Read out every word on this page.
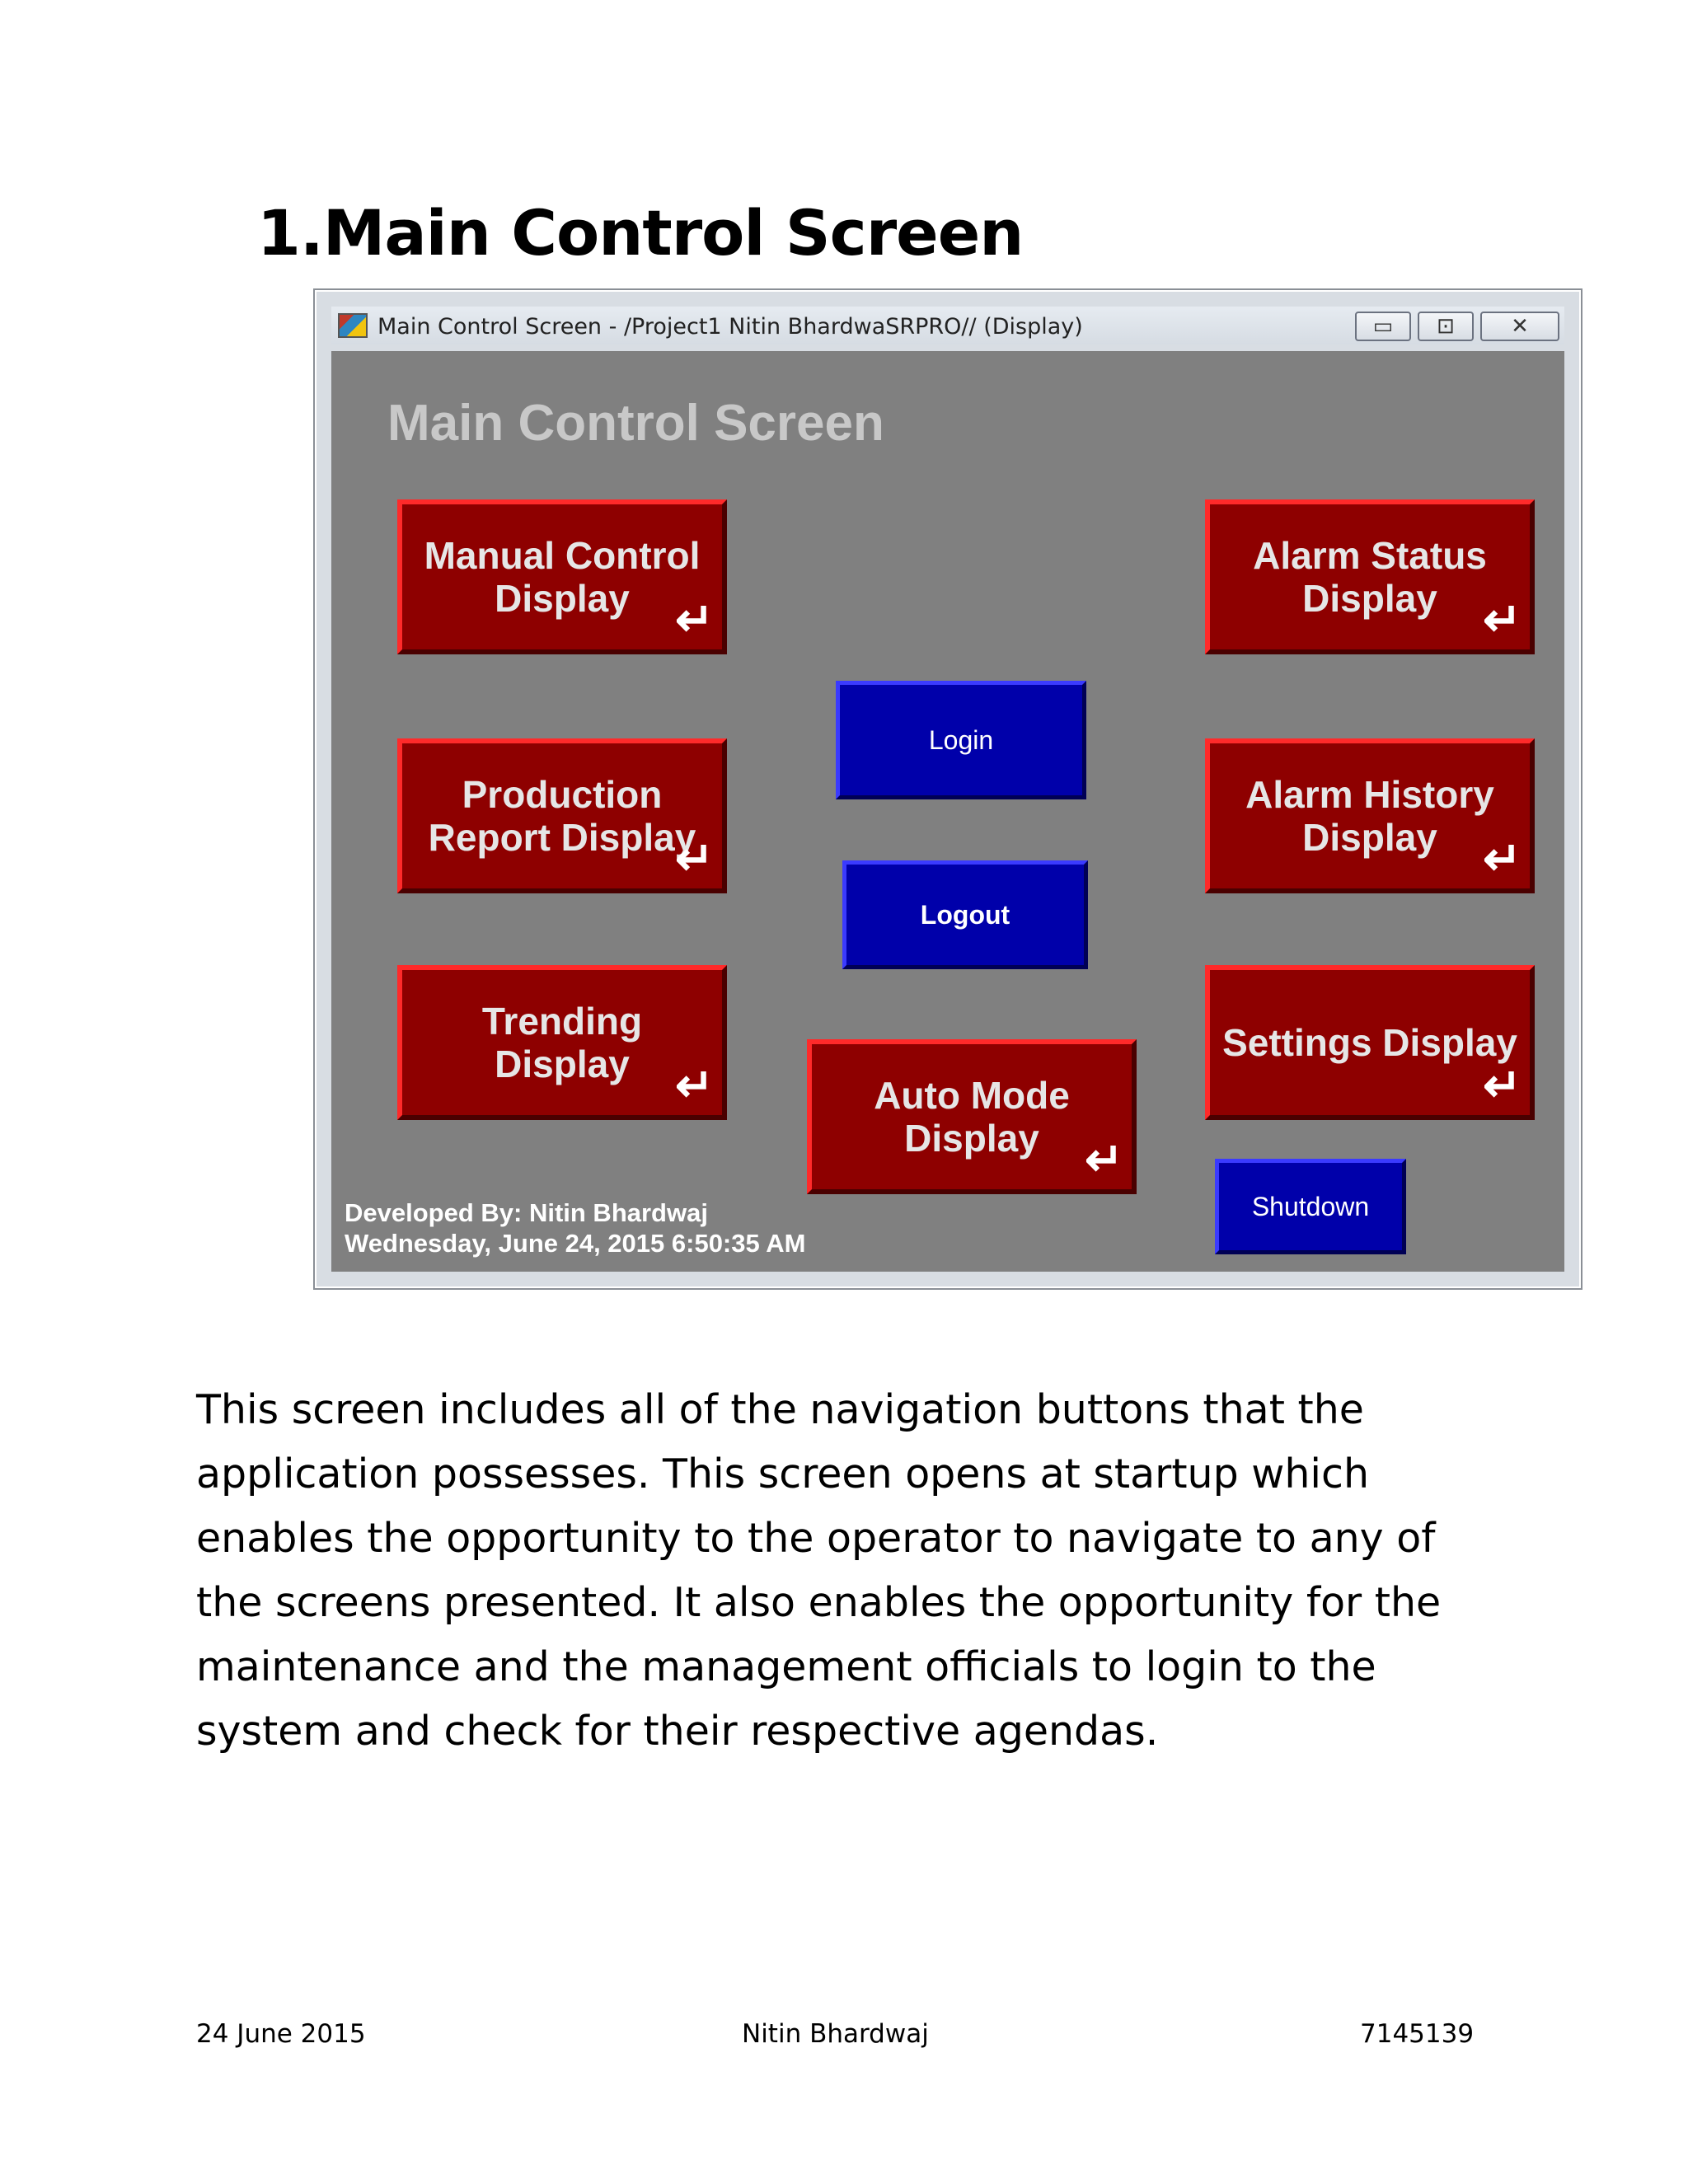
1.Main Control Screen
Main Control Screen - /Project1 Nitin BhardwaSRPRO// (Display)	▭	⊡	✕
Main Control Screen
Manual Control
Display ↵
Alarm Status
Display ↵
Production
Report Display
↵
Alarm History
Display ↵
Trending Display ↵
Settings Display
↵
Auto Mode
Display ↵
Login
Logout
Shutdown
Developed By: Nitin Bhardwaj
Wednesday, June 24, 2015 6:50:35 AM
This screen includes all of the navigation buttons that the
application possesses. This screen opens at startup which
enables the opportunity to the operator to navigate to any of
the screens presented. It also enables the opportunity for the
maintenance and the management officials to login to the
system and check for their respective agendas.
24 June 2015	Nitin Bhardwaj	7145139
